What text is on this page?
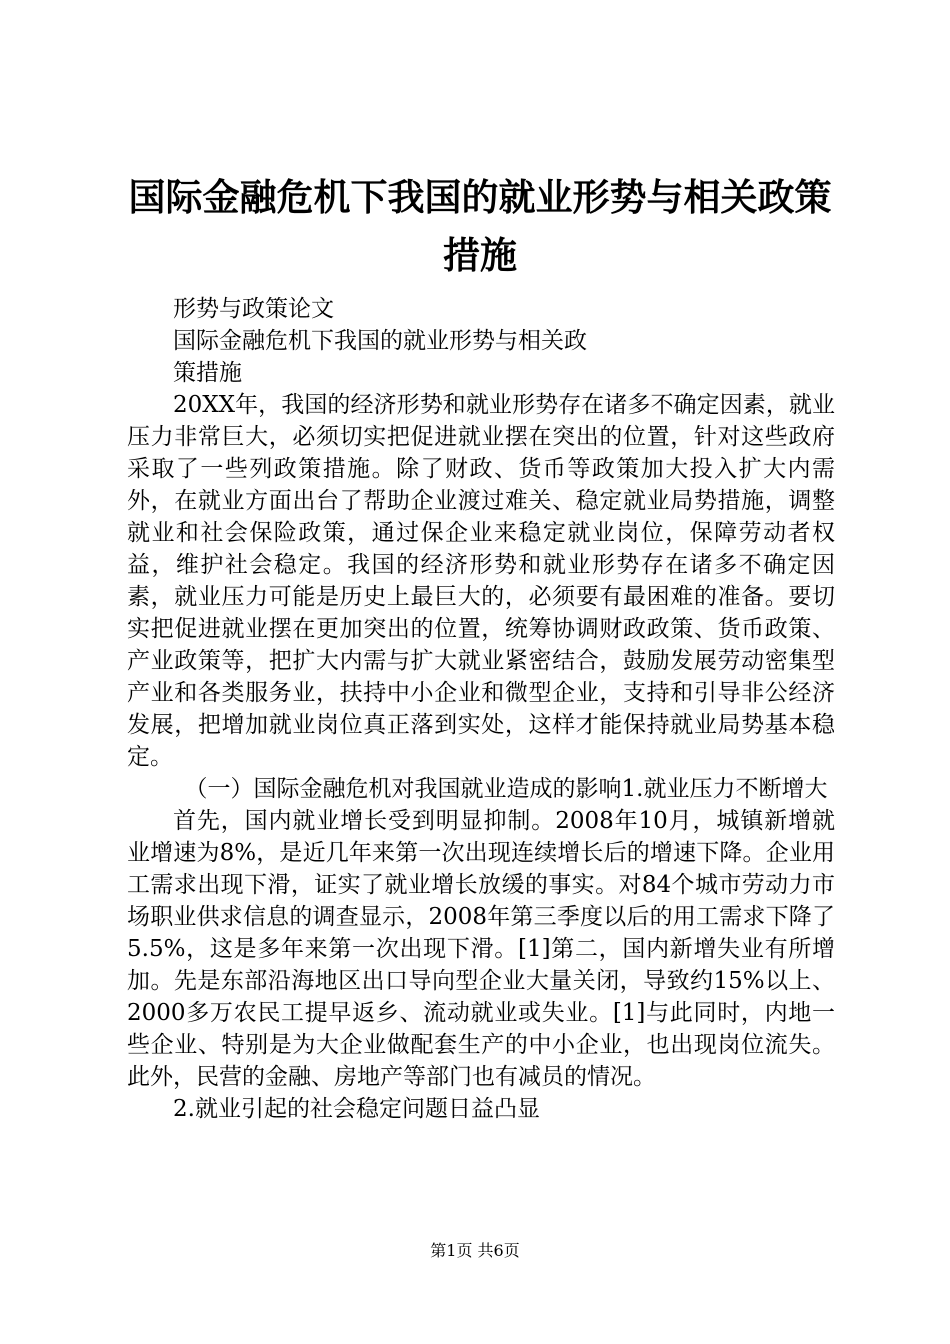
国际金融危机下我国的就业形势与相关政策措施

形势与政策论文

国际金融危机下我国的就业形势与相关政

策措施

20XX年，我国的经济形势和就业形势存在诸多不确定因素，就业压力非常巨大，必须切实把促进就业摆在突出的位置，针对这些政府采取了一些列政策措施。除了财政、货币等政策加大投入扩大内需外，在就业方面出台了帮助企业渡过难关、稳定就业局势措施，调整就业和社会保险政策，通过保企业来稳定就业岗位，保障劳动者权益，维护社会稳定。我国的经济形势和就业形势存在诸多不确定因素，就业压力可能是历史上最巨大的，必须要有最困难的准备。要切实把促进就业摆在更加突出的位置，统筹协调财政政策、货币政策、产业政策等，把扩大内需与扩大就业紧密结合，鼓励发展劳动密集型产业和各类服务业，扶持中小企业和微型企业，支持和引导非公经济发展，把增加就业岗位真正落到实处，这样才能保持就业局势基本稳定。

（一）国际金融危机对我国就业造成的影响1.就业压力不断增大

首先，国内就业增长受到明显抑制。2008年10月，城镇新增就业增速为8%，是近几年来第一次出现连续增长后的增速下降。企业用工需求出现下滑，证实了就业增长放缓的事实。对84个城市劳动力市场职业供求信息的调查显示，2008年第三季度以后的用工需求下降了5.5%，这是多年来第一次出现下滑。[1]第二，国内新增失业有所增加。先是东部沿海地区出口导向型企业大量关闭，导致约15%以上、2000多万农民工提早返乡、流动就业或失业。[1]与此同时，内地一些企业、特别是为大企业做配套生产的中小企业，也出现岗位流失。此外，民营的金融、房地产等部门也有减员的情况。

2.就业引起的社会稳定问题日益凸显

第1页 共6页
